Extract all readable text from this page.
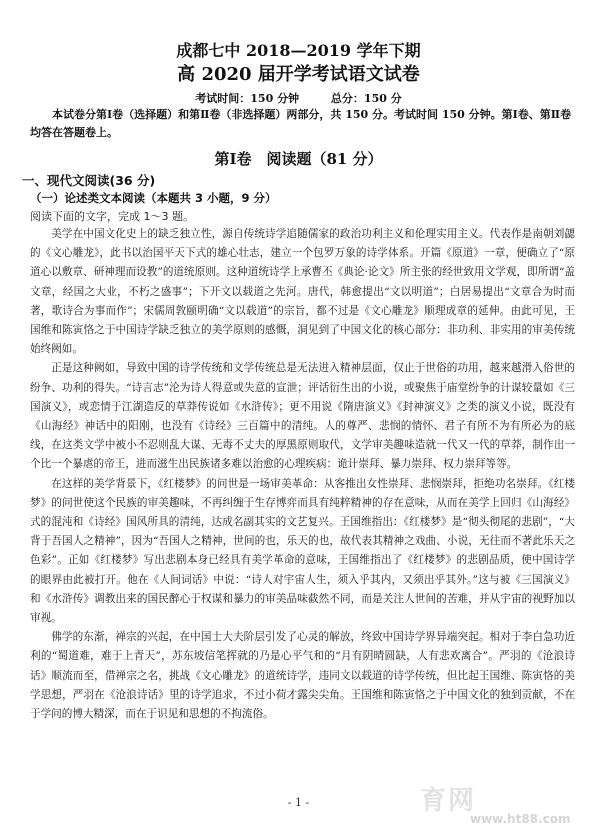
成都七中 2018—2019 学年下期
高 2020 届开学考试语文试卷
考试时间：150 分钟	总分：150 分
本试卷分第Ⅰ卷（选择题）和第Ⅱ卷（非选择题）两部分，共 150 分。考试时间 150 分钟。第Ⅰ卷、第Ⅱ卷均答在答题卷上。
第Ⅰ卷　阅读题（81 分）
一、现代文阅读(36 分)
（一）论述类文本阅读（本题共 3 小题，9 分）
阅读下面的文字，完成 1～3 题。

美学在中国文化史上的缺乏独立性，源自传统诗学追随儒家的政治功利主义和伦理实用主义。代表作是南朝刘勰的《文心雕龙》，此书以治国平天下式的雄心壮志，建立一个包罗万象的诗学体系。开篇《原道》一章，便确立了“原道心以敷章、研神理而设教”的道统原则。这种道统诗学上承曹丕《典论·论文》所主张的经世致用文学观，即所谓“盖文章，经国之大业，不朽之盛事”；下开文以载道之先河。唐代，韩愈提出“文以明道”；白居易提出“文章合为时而著，歌诗合为事而作”；宋儒周敦颐明确“文以载道”的宗旨，都不过是《文心雕龙》顺理成章的延伸。由此可见，王国维和陈寅恪之于中国诗学缺乏独立的美学原则的感慨，洞见到了中国文化的核心部分：非功利、非实用的审美传统始终阙如。

正是这种阙如，导致中国的诗学传统和文学传统总是无法进入精神层面，仅止于世俗的功用，越来越滑入俗世的纷争、功利的得失。“诗言志”沦为诗人得意或失意的宣泄；评话衍生出的小说，或聚焦于庙堂纷争的计谋较量如《三国演义》，或恋情于江湖造反的草莽传说如《水浒传》；更不用说《隋唐演义》《封神演义》之类的演义小说，既没有《山海经》神话中的阳刚，也没有《诗经》三百篇中的清纯。人的尊严、悲悯的情怀、君子有所不为有所必为的底线，在这类文学中被小不忍则乱大谋、无毒不丈夫的厚黑原则取代，文学审美趣味造就一代又一代的草莽，制作出一个比一个暴虐的帝王，进而滋生出民族诸多难以治愈的心理疾病：诡计崇拜、暴力崇拜、权力崇拜等等。

在这样的美学背景下，《红楼梦》的问世是一场审美革命：从客推出女性崇拜、悲悯崇拜，拒绝功名崇拜。《红楼梦》的问世使这个民族的审美趣味，不再纠缠于生存博弈而具有纯粹精神的存在意味，从而在美学上回归《山海经》式的混沌和《诗经》国风所具的清纯，达成名副其实的文艺复兴。王国维指出：《红楼梦》是“彻头彻尾的悲剧”，“大背于吾国人之精神”，因为“吾国人之精神，世间的也，乐天的也，故代表其精神之戏曲、小说，无往而不著此乐天之色彩”。正如《红楼梦》写出悲剧本身已经具有美学革命的意味，王国维指出了《红楼梦》的悲剧品质，使中国诗学的眼界由此被打开。他在《人间词话》中说：“诗人对宇宙人生，须入乎其内，又须出乎其外。”这与被《三国演义》和《水浒传》调教出来的国民醉心于权谋和暴力的审美品味截然不同，而是关注人世间的苦难，并从宇宙的视野加以审视。

佛学的东渐，禅宗的兴起，在中国士大夫阶层引发了心灵的解放，终致中国诗学界异端突起。相对于李白急功近利的“蜀道难，难于上青天”，苏东坡信笔挥就的乃是心平气和的“月有阴晴圆缺，人有悲欢离合”。严羽的《沧浪诗话》顺流而至，借禅宗之名，挑战《文心雕龙》的道统诗学，违同文以载道的诗学传统，但比起王国维、陈寅恪的美学思想，严羽在《沧浪诗话》里的诗学追求，不过小荷才露尖尖角。王国维和陈寅恪之于中国文化的独到贡献，不在于学问的博大精深，而在于识见和思想的不拘流俗。

育网
www.ht88.com
- 1 -
